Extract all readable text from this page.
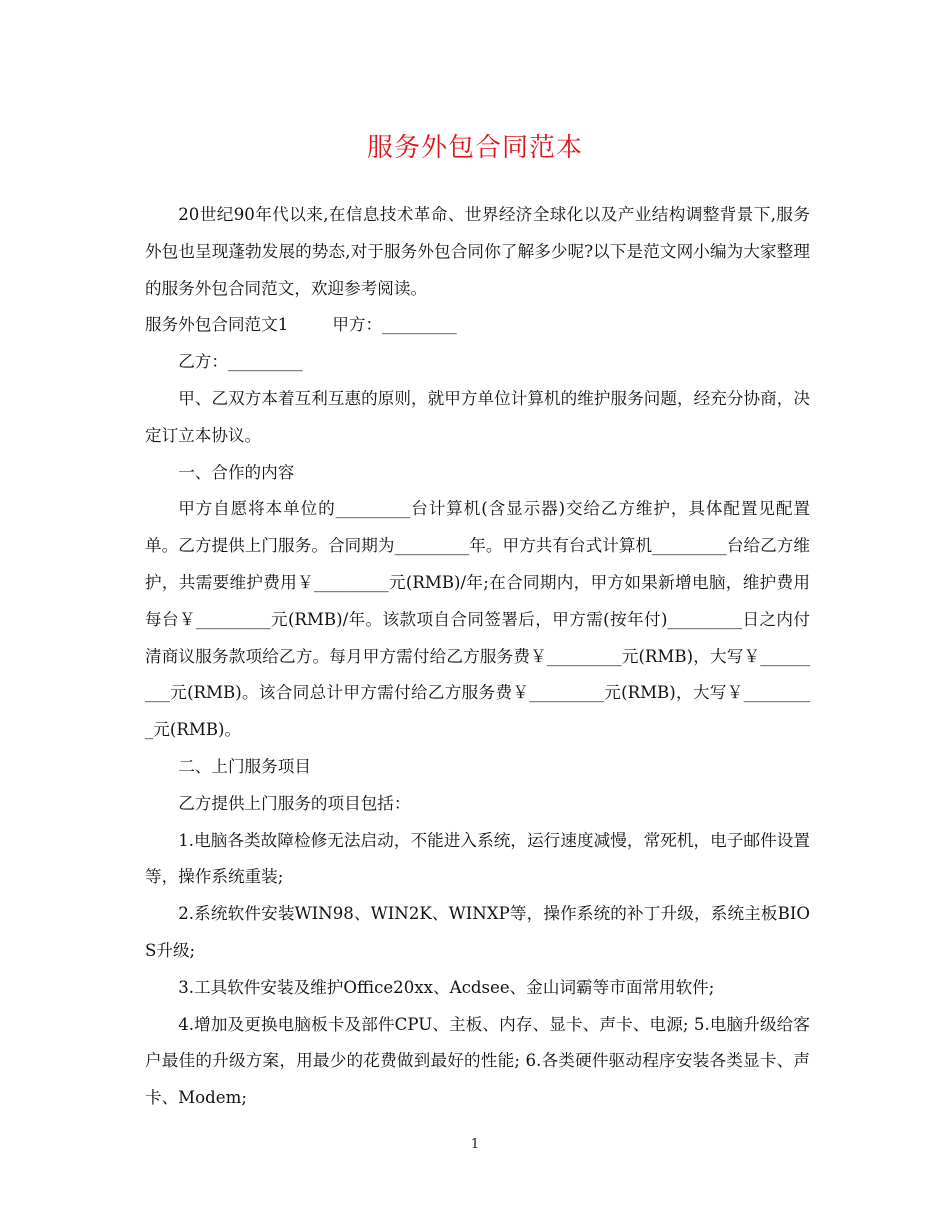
服务外包合同范本

20世纪90年代以来,在信息技术革命、世界经济全球化以及产业结构调整背景下,服务外包也呈现蓬勃发展的势态,对于服务外包合同你了解多少呢?以下是范文网小编为大家整理的服务外包合同范文，欢迎参考阅读。

服务外包合同范文1	甲方：_________

乙方：_________

甲、乙双方本着互利互惠的原则，就甲方单位计算机的维护服务问题，经充分协商，决定订立本协议。

一、合作的内容

甲方自愿将本单位的_________台计算机(含显示器)交给乙方维护，具体配置见配置单。乙方提供上门服务。合同期为_________年。甲方共有台式计算机_________台给乙方维护，共需要维护费用￥_________元(RMB)/年;在合同期内，甲方如果新增电脑，维护费用每台￥_________元(RMB)/年。该款项自合同签署后，甲方需(按年付)_________日之内付清商议服务款项给乙方。每月甲方需付给乙方服务费￥_________元(RMB)，大写￥_________元(RMB)。该合同总计甲方需付给乙方服务费￥_________元(RMB)，大写￥_________元(RMB)。

二、上门服务项目

乙方提供上门服务的项目包括：

1.电脑各类故障检修无法启动，不能进入系统，运行速度减慢，常死机，电子邮件设置等，操作系统重装;

2.系统软件安装WIN98、WIN2K、WINXP等，操作系统的补丁升级，系统主板BIOS升级;

3.工具软件安装及维护Office20xx、Acdsee、金山词霸等市面常用软件;

4.增加及更换电脑板卡及部件CPU、主板、内存、显卡、声卡、电源; 5.电脑升级给客户最佳的升级方案，用最少的花费做到最好的性能; 6.各类硬件驱动程序安装各类显卡、声卡、Modem;

1
